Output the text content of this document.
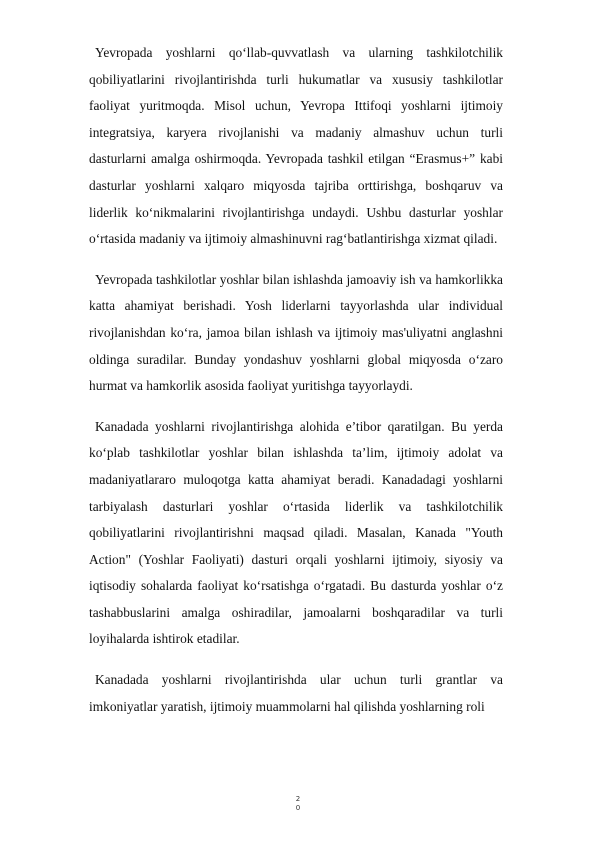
Yevropada yoshlarni qo‘llab-quvvatlash va ularning tashkilotchilik qobiliyatlarini rivojlantirishda turli hukumatlar va xususiy tashkilotlar faoliyat yuritmoqda. Misol uchun, Yevropa Ittifoqi yoshlarni ijtimoiy integratsiya, karyera rivojlanishi va madaniy almashuv uchun turli dasturlarni amalga oshirmoqda. Yevropada tashkil etilgan “Erasmus+” kabi dasturlar yoshlarni xalqaro miqyosda tajriba orttirishga, boshqaruv va liderlik ko‘nikmalarini rivojlantirishga undaydi. Ushbu dasturlar yoshlar o‘rtasida madaniy va ijtimoiy almashinuvni rag‘batlantirishga xizmat qiladi.

Yevropada tashkilotlar yoshlar bilan ishlashda jamoaviy ish va hamkorlikka katta ahamiyat berishadi. Yosh liderlarni tayyorlashda ular individual rivojlanishdan ko‘ra, jamoa bilan ishlash va ijtimoiy mas'uliyatni anglashni oldinga suradilar. Bunday yondashuv yoshlarni global miqyosda o‘zaro hurmat va hamkorlik asosida faoliyat yuritishga tayyorlaydi.

Kanadada yoshlarni rivojlantirishga alohida e’tibor qaratilgan. Bu yerda ko‘plab tashkilotlar yoshlar bilan ishlashda ta’lim, ijtimoiy adolat va madaniyatlararo muloqotga katta ahamiyat beradi. Kanadadagi yoshlarni tarbiyalash dasturlari yoshlar o‘rtasida liderlik va tashkilotchilik qobiliyatlarini rivojlantirishni maqsad qiladi. Masalan, Kanada "Youth Action" (Yoshlar Faoliyati) dasturi orqali yoshlarni ijtimoiy, siyosiy va iqtisodiy sohalarda faoliyat ko‘rsatishga o‘rgatadi. Bu dasturda yoshlar o‘z tashabbuslarini amalga oshiradilar, jamoalarni boshqaradilar va turli loyihalarda ishtirok etadilar.

Kanadada yoshlarni rivojlantirishda ular uchun turli grantlar va imkoniyatlar yaratish, ijtimoiy muammolarni hal qilishda yoshlarning roli

2
0
